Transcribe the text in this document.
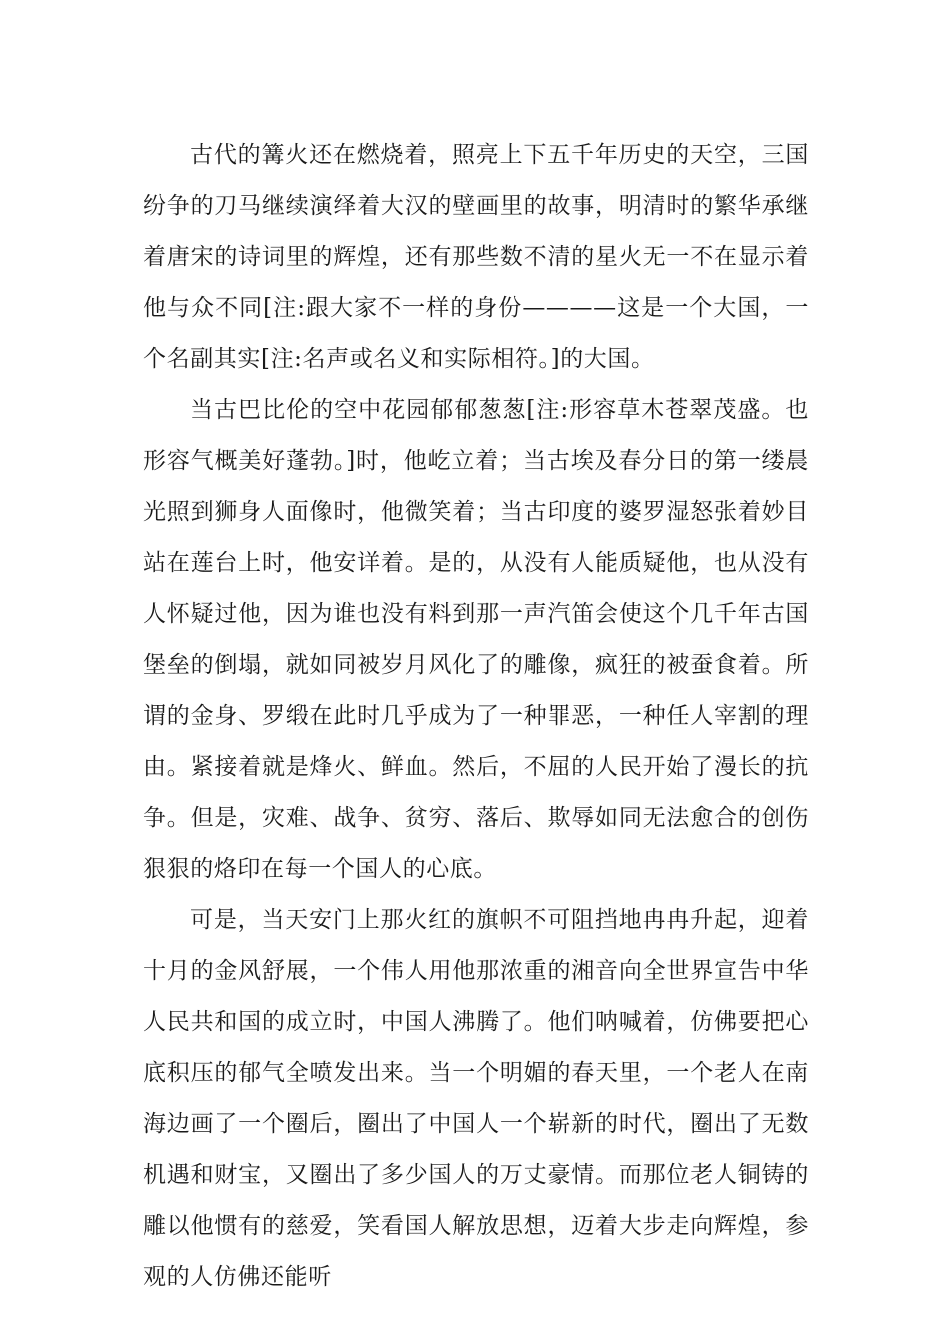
古代的篝火还在燃烧着，照亮上下五千年历史的天空，三国纷争的刀马继续演绎着大汉的壁画里的故事，明清时的繁华承继着唐宋的诗词里的辉煌，还有那些数不清的星火无一不在显示着他与众不同[注:跟大家不一样的身份————这是一个大国，一个名副其实[注:名声或名义和实际相符。]的大国。

当古巴比伦的空中花园郁郁葱葱[注:形容草木苍翠茂盛。也形容气概美好蓬勃。]时，他屹立着；当古埃及春分日的第一缕晨光照到狮身人面像时，他微笑着；当古印度的婆罗湿怒张着妙目站在莲台上时，他安详着。是的，从没有人能质疑他，也从没有人怀疑过他，因为谁也没有料到那一声汽笛会使这个几千年古国堡垒的倒塌，就如同被岁月风化了的雕像，疯狂的被蚕食着。所谓的金身、罗缎在此时几乎成为了一种罪恶，一种任人宰割的理由。紧接着就是烽火、鲜血。然后，不屈的人民开始了漫长的抗争。但是，灾难、战争、贫穷、落后、欺辱如同无法愈合的创伤狠狠的烙印在每一个国人的心底。

可是，当天安门上那火红的旗帜不可阻挡地冉冉升起，迎着十月的金风舒展，一个伟人用他那浓重的湘音向全世界宣告中华人民共和国的成立时，中国人沸腾了。他们呐喊着，仿佛要把心底积压的郁气全喷发出来。当一个明媚的春天里，一个老人在南海边画了一个圈后，圈出了中国人一个崭新的时代，圈出了无数机遇和财宝，又圈出了多少国人的万丈豪情。而那位老人铜铸的雕以他惯有的慈爱，笑看国人解放思想，迈着大步走向辉煌，参观的人仿佛还能听
